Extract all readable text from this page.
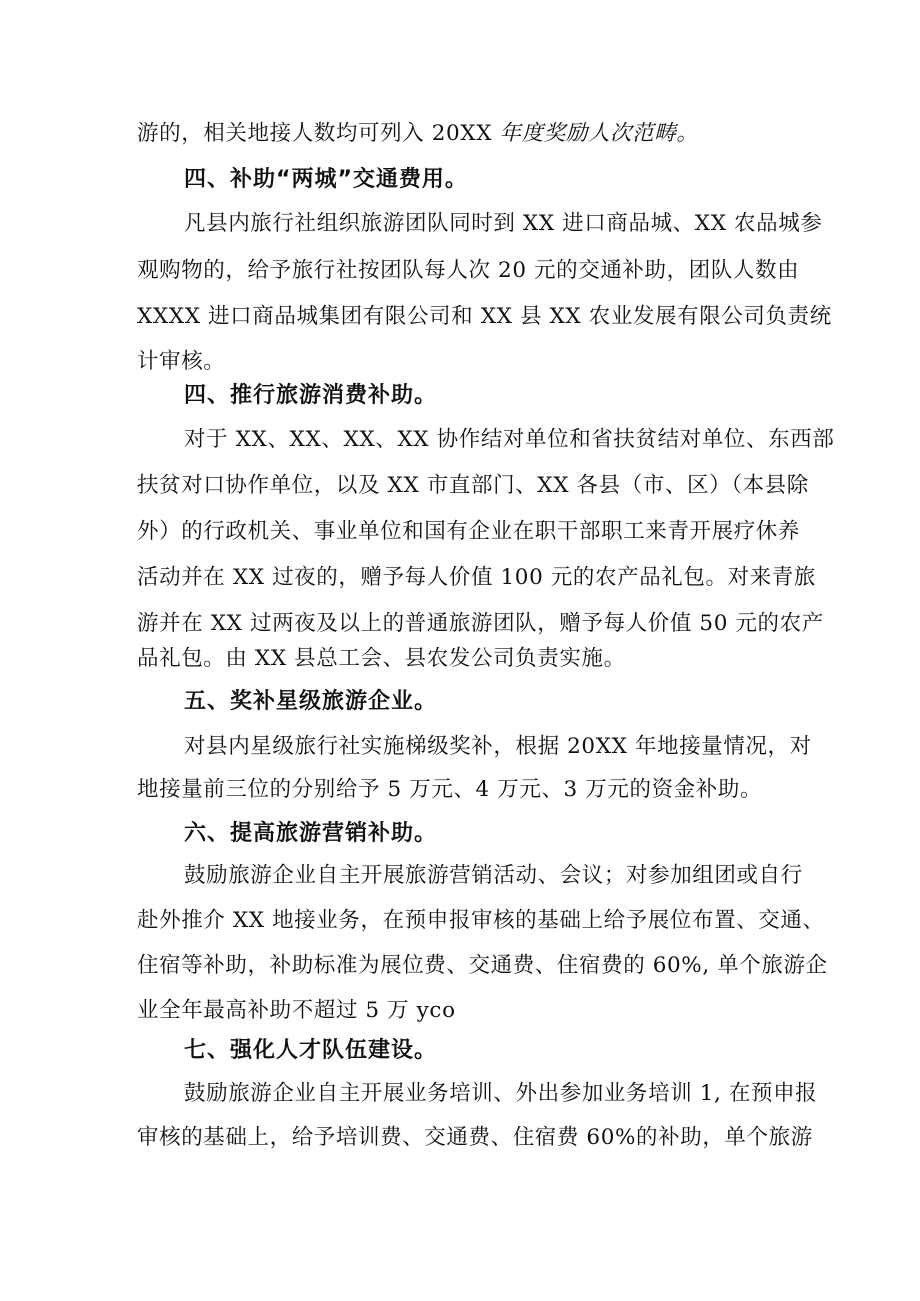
游的，相关地接人数均可列入 20XX 年度奖励人次范畴。
四、补助“两城”交通费用。
凡县内旅行社组织旅游团队同时到 XX 进口商品城、XX 农品城参
观购物的，给予旅行社按团队每人次 20 元的交通补助，团队人数由
XXXX 进口商品城集团有限公司和 XX 县 XX 农业发展有限公司负责统
计审核。
四、推行旅游消费补助。
对于 XX、XX、XX、XX 协作结对单位和省扶贫结对单位、东西部
扶贫对口协作单位，以及 XX 市直部门、XX 各县（市、区）（本县除
外）的行政机关、事业单位和国有企业在职干部职工来青开展疗休养
活动并在 XX 过夜的，赠予每人价值 100 元的农产品礼包。对来青旅
游并在 XX 过两夜及以上的普通旅游团队，赠予每人价值 50 元的农产
品礼包。由 XX 县总工会、县农发公司负责实施。
五、奖补星级旅游企业。
对县内星级旅行社实施梯级奖补，根据 20XX 年地接量情况，对
地接量前三位的分别给予 5 万元、4 万元、3 万元的资金补助。
六、提高旅游营销补助。
鼓励旅游企业自主开展旅游营销活动、会议；对参加组团或自行
赴外推介 XX 地接业务，在预申报审核的基础上给予展位布置、交通、
住宿等补助，补助标准为展位费、交通费、住宿费的 60%, 单个旅游企
业全年最高补助不超过 5 万 yco
七、强化人才队伍建设。
鼓励旅游企业自主开展业务培训、外出参加业务培训 1, 在预申报
审核的基础上，给予培训费、交通费、住宿费 60%的补助，单个旅游
